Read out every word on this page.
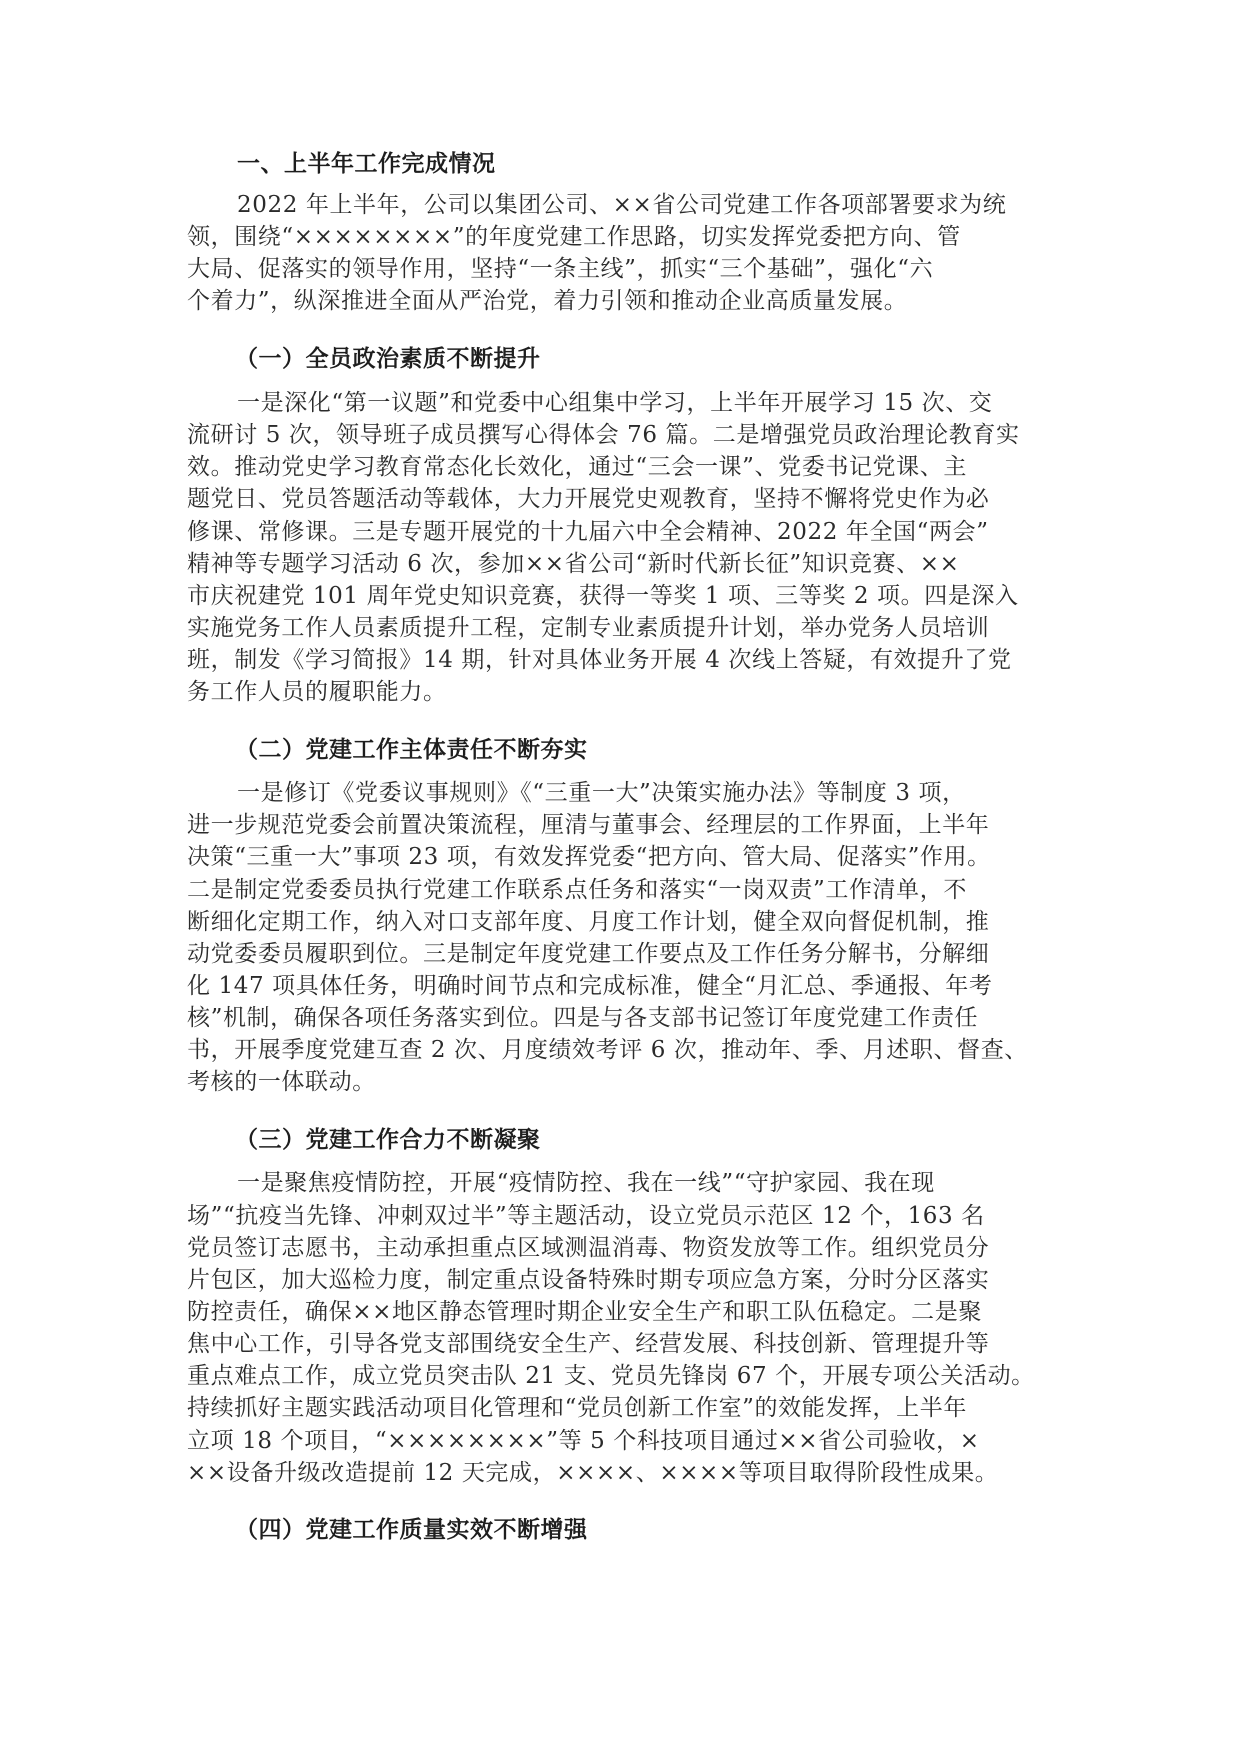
一、上半年工作完成情况
2022 年上半年，公司以集团公司、××省公司党建工作各项部署要求为统
领，围绕“××××××××”的年度党建工作思路，切实发挥党委把方向、管
大局、促落实的领导作用，坚持“一条主线”，抓实“三个基础”，强化“六
个着力”，纵深推进全面从严治党，着力引领和推动企业高质量发展。
（一）全员政治素质不断提升
一是深化“第一议题”和党委中心组集中学习，上半年开展学习 15 次、交
流研讨 5 次，领导班子成员撰写心得体会 76 篇。二是增强党员政治理论教育实
效。推动党史学习教育常态化长效化，通过“三会一课”、党委书记党课、主
题党日、党员答题活动等载体，大力开展党史观教育，坚持不懈将党史作为必
修课、常修课。三是专题开展党的十九届六中全会精神、2022 年全国“两会”
精神等专题学习活动 6 次，参加××省公司“新时代新长征”知识竞赛、××
市庆祝建党 101 周年党史知识竞赛，获得一等奖 1 项、三等奖 2 项。四是深入
实施党务工作人员素质提升工程，定制专业素质提升计划，举办党务人员培训
班，制发《学习简报》14 期，针对具体业务开展 4 次线上答疑，有效提升了党
务工作人员的履职能力。
（二）党建工作主体责任不断夯实
一是修订《党委议事规则》《“三重一大”决策实施办法》等制度 3 项，
进一步规范党委会前置决策流程，厘清与董事会、经理层的工作界面，上半年
决策“三重一大”事项 23 项，有效发挥党委“把方向、管大局、促落实”作用。
二是制定党委委员执行党建工作联系点任务和落实“一岗双责”工作清单，不
断细化定期工作，纳入对口支部年度、月度工作计划，健全双向督促机制，推
动党委委员履职到位。三是制定年度党建工作要点及工作任务分解书，分解细
化 147 项具体任务，明确时间节点和完成标准，健全“月汇总、季通报、年考
核”机制，确保各项任务落实到位。四是与各支部书记签订年度党建工作责任
书，开展季度党建互查 2 次、月度绩效考评 6 次，推动年、季、月述职、督查、
考核的一体联动。
（三）党建工作合力不断凝聚
一是聚焦疫情防控，开展“疫情防控、我在一线”“守护家园、我在现
场”“抗疫当先锋、冲刺双过半”等主题活动，设立党员示范区 12 个，163 名
党员签订志愿书，主动承担重点区域测温消毒、物资发放等工作。组织党员分
片包区，加大巡检力度，制定重点设备特殊时期专项应急方案，分时分区落实
防控责任，确保××地区静态管理时期企业安全生产和职工队伍稳定。二是聚
焦中心工作，引导各党支部围绕安全生产、经营发展、科技创新、管理提升等
重点难点工作，成立党员突击队 21 支、党员先锋岗 67 个，开展专项公关活动。
持续抓好主题实践活动项目化管理和“党员创新工作室”的效能发挥，上半年
立项 18 个项目，“××××××××”等 5 个科技项目通过××省公司验收，×
××设备升级改造提前 12 天完成，××××、××××等项目取得阶段性成果。
（四）党建工作质量实效不断增强
